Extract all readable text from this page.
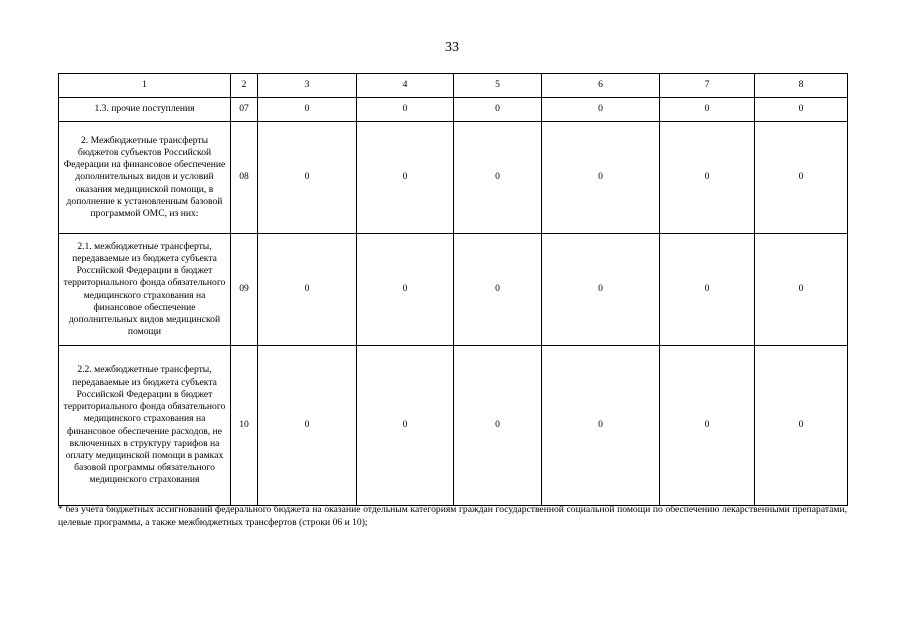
33
1	2	3	4	5	6	7	8
1.3. прочие поступления	07	0	0	0	0	0	0
2. Межбюджетные трансферты бюджетов субъектов Российской Федерации на финансовое обеспечение дополнительных видов и условий оказания медицинской помощи, в дополнение к установленным базовой программой ОМС, из них:	08	0	0	0	0	0	0
2.1. межбюджетные трансферты, передаваемые из бюджета субъекта Российской Федерации в бюджет территориального фонда обязательного медицинского страхования на финансовое обеспечение дополнительных видов медицинской помощи	09	0	0	0	0	0	0
2.2. межбюджетные трансферты, передаваемые из бюджета субъекта Российской Федерации в бюджет территориального фонда обязательного медицинского страхования на финансовое обеспечение расходов, не включенных в структуру тарифов на оплату медицинской помощи в рамках базовой программы обязательного медицинского страхования	10	0	0	0	0	0	0
* без учета бюджетных ассигнований федерального бюджета на оказание отдельным категориям граждан государственной социальной помощи по обеспечению лекарственными препаратами, целевые программы, а также межбюджетных трансфертов (строки 06 и 10);
